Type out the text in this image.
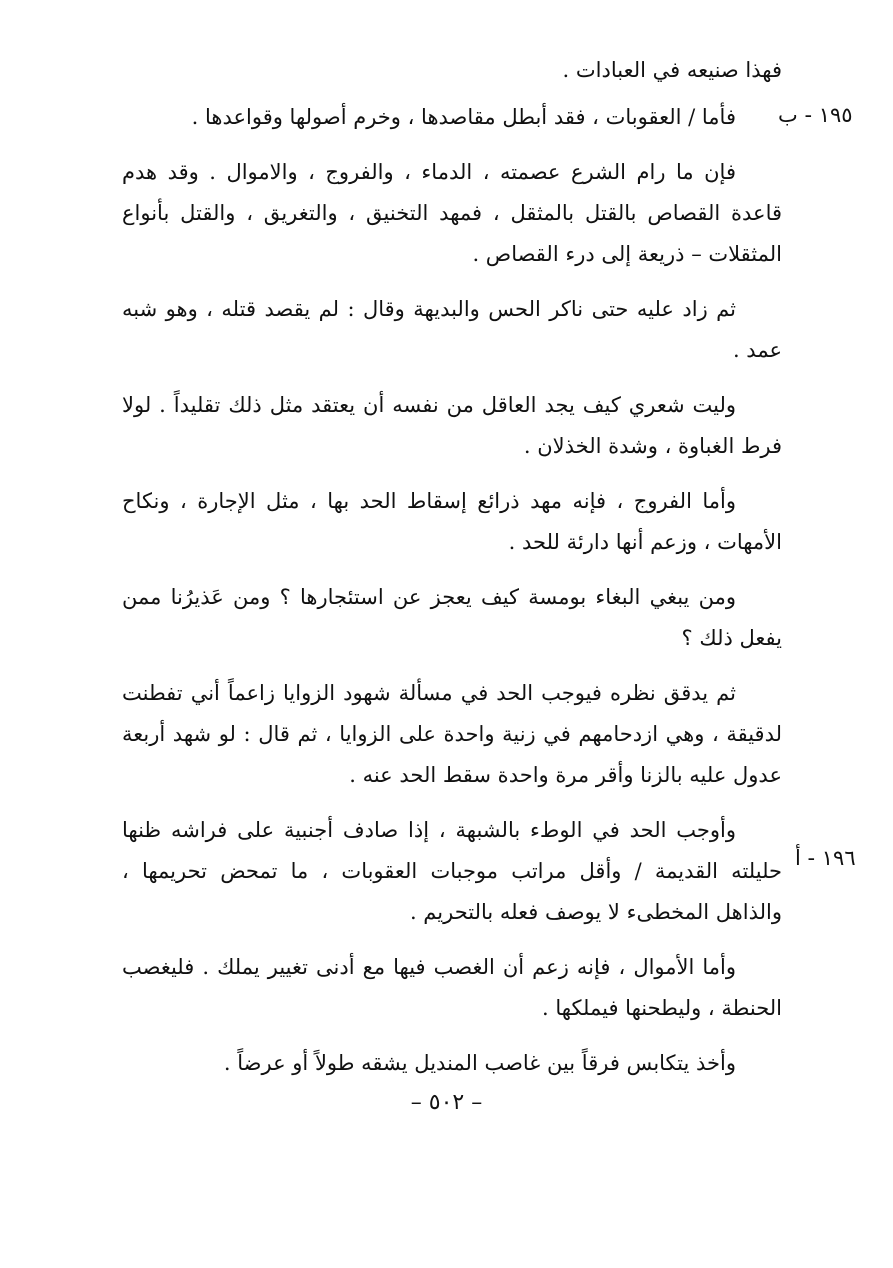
١٩٥ - ب
١٩٦ - أ

فهذا صنيعه في العبادات .

فأما / العقوبات ، فقد أبطل مقاصدها ، وخرم أصولها وقواعدها .

فإن ما رام الشرع عصمته ، الدماء ، والفروج ، والاموال . وقد هدم قاعدة القصاص بالقتل بالمثقل ، فمهد التخنيق ، والتغريق ، والقتل بأنواع المثقلات – ذريعة إلى درء القصاص .

ثم زاد عليه حتى ناكر الحس والبديهة وقال : لم يقصد قتله ، وهو شبه عمد .

وليت شعري كيف يجد العاقل من نفسه أن يعتقد مثل ذلك تقليداً . لولا فرط الغباوة ، وشدة الخذلان .

وأما الفروج ، فإنه مهد ذرائع إسقاط الحد بها ، مثل الإجارة ، ونكاح الأمهات ، وزعم أنها دارئة للحد .

ومن يبغي البغاء بومسة كيف يعجز عن استئجارها ؟ ومن عَذيرُنا ممن يفعل ذلك ؟

ثم يدقق نظره فيوجب الحد في مسألة شهود الزوايا زاعماً أني تفطنت لدقيقة ، وهي ازدحامهم في زنية واحدة على الزوايا ، ثم قال : لو شهد أربعة عدول عليه بالزنا وأقر مرة واحدة سقط الحد عنه .

وأوجب الحد في الوطء بالشبهة ، إذا صادف أجنبية على فراشه ظنها حليلته القديمة / وأقل مراتب موجبات العقوبات ، ما تمحض تحريمها ، والذاهل المخطىء لا يوصف فعله بالتحريم .

وأما الأموال ، فإنه زعم أن الغصب فيها مع أدنى تغيير يملك . فليغصب الحنطة ، وليطحنها فيملكها .

وأخذ يتكابس فرقاً بين غاصب المنديل يشقه طولاً أو عرضاً .

– ٥٠٢ –
